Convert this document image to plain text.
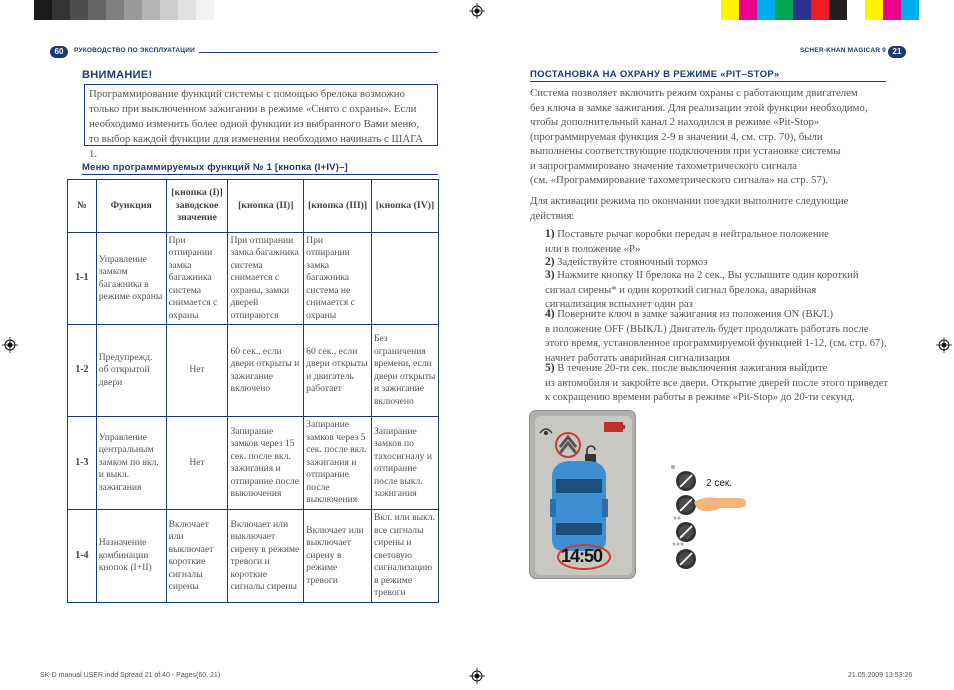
60	РУКОВОДСТВО ПО ЭКСПЛУАТАЦИИ	SCHER-KHAN MAGICAR 9 21
ВНИМАНИЕ!
Программирование функций системы с помощью брелока возможно
только при выключенном зажигании в режиме «Снято с охраны». Если
необходимо изменить более одной функции из выбранного Вами меню,
то выбор каждой функции для изменения необходимо начинать с ШАГА 1.
Меню программируемых функций № 1 [кнопка (I+IV)–]
№	Функция	[кнопка (I)] заводское значение	[кнопка (II)]	[кнопка (III)]	[кнопка (IV)]
1-1	Управление замком багажника в режиме охраны	При отпирании замка багажника система снимается с охраны	При отпирании замка багажника система снимается с охраны, замки дверей отпираются	При отпирании замка багажника система не снимается с охраны	
1-2	Предупрежд. об открытой двери	Нет	60 сек., если двери открыты и зажигание включено	60 сек., если двери открыты и двигатель работает	Без ограничения времени, если двери открыты и зажигание включено
1-3	Управление центральным замком по вкл. и выкл. зажигания	Нет	Запирание замков через 15 сек. после вкл. зажигания и отпирание после выключения	Запирание замков через 5 сек. после вкл. зажигания и отпирание после выключения	Запирание замков по тахосигналу и отпирание после выкл. зажигания
1-4	Назначение комбинации кнопок (I+II)	Включает или выключает короткие сигналы сирены	Включает или выключает сирену в режиме тревоги и короткие сигналы сирены	Включает или выключает сирену в режиме тревоги	Вкл. или выкл. все сигналы сирены и световую сигнализацию в режиме тревоги
ПОСТАНОВКА НА ОХРАНУ В РЕЖИМЕ «PIT–STOP»
Система позволяет включить режим охраны с работающим двигателем
без ключа в замке зажигания. Для реализации этой функции необходимо,
чтобы дополнительный канал 2 находился в режиме «Pit-Stop»
(программируемая функция 2-9 в значении 4, см. стр. 70), были
выполнены соответствующие подключения при установке системы
и запрограммировано значение тахометрического сигнала
(см. «Программирование тахометрического сигнала» на стр. 57).
Для активации режима по окончании поездки выполните следующие
действия:
1) Поставьте рычаг коробки передач в нейтральное положение
или в положение «Р»
2) Задействуйте стояночный тормоз
3) Нажмите кнопку II брелока на 2 сек., Вы услышите один короткий
сигнал сирены* и один короткий сигнал брелока, аварийная
сигнализация вспыхнет один раз
4) Поверните ключ в замке зажигания из положения ON (ВКЛ.)
в положение OFF (ВЫКЛ.) Двигатель будет продолжать работать после
этого время, установленное программируемой функцией 1-12, (см. стр. 67),
начнет работать аварийная сигнализация
5) В течение 20-ти сек. после выключения зажигания выйдите
из автомобиля и закройте все двери. Открытие дверей после этого приведет
к сокращению времени работы в режиме «Pit-Stop» до 20-ти секунд.
14:50
2 сек.
SK-D manual USER.indd Spread 21 of 40 - Pages(60, 21)	21.05.2009 13:53:26
